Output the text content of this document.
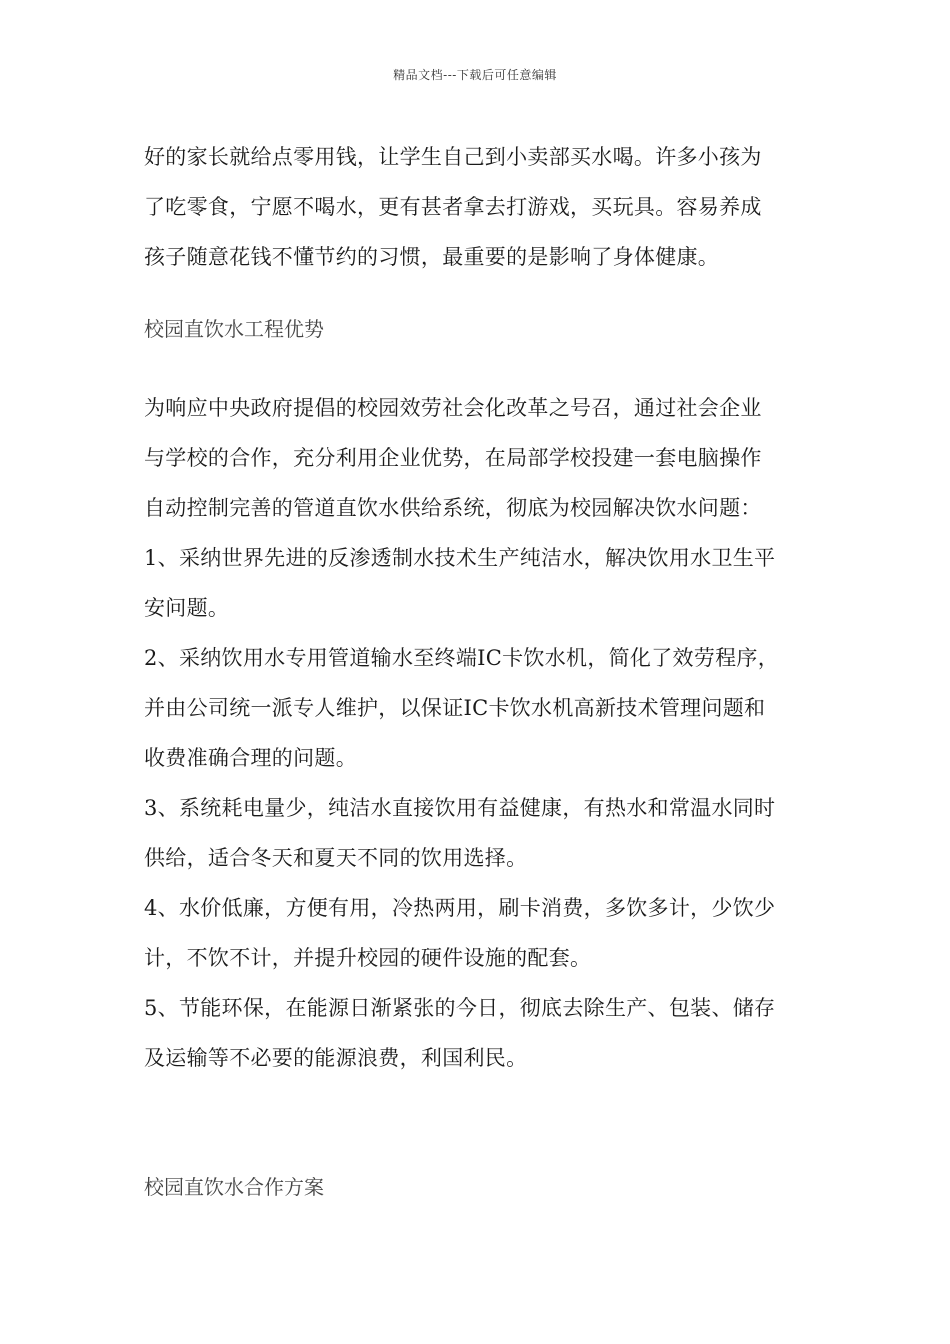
精品文档---下载后可任意编辑
好的家长就给点零用钱，让学生自己到小卖部买水喝。许多小孩为
了吃零食，宁愿不喝水，更有甚者拿去打游戏，买玩具。容易养成
孩子随意花钱不懂节约的习惯，最重要的是影响了身体健康。
校园直饮水工程优势
为响应中央政府提倡的校园效劳社会化改革之号召，通过社会企业
与学校的合作，充分利用企业优势，在局部学校投建一套电脑操作
自动控制完善的管道直饮水供给系统，彻底为校园解决饮水问题：
1、采纳世界先进的反渗透制水技术生产纯洁水，解决饮用水卫生平
安问题。
2、采纳饮用水专用管道输水至终端IC卡饮水机，简化了效劳程序，
并由公司统一派专人维护，以保证IC卡饮水机高新技术管理问题和
收费准确合理的问题。
3、系统耗电量少，纯洁水直接饮用有益健康，有热水和常温水同时
供给，适合冬天和夏天不同的饮用选择。
4、水价低廉，方便有用，冷热两用，刷卡消费，多饮多计，少饮少
计，不饮不计，并提升校园的硬件设施的配套。
5、节能环保，在能源日渐紧张的今日，彻底去除生产、包装、储存
及运输等不必要的能源浪费，利国利民。
校园直饮水合作方案
